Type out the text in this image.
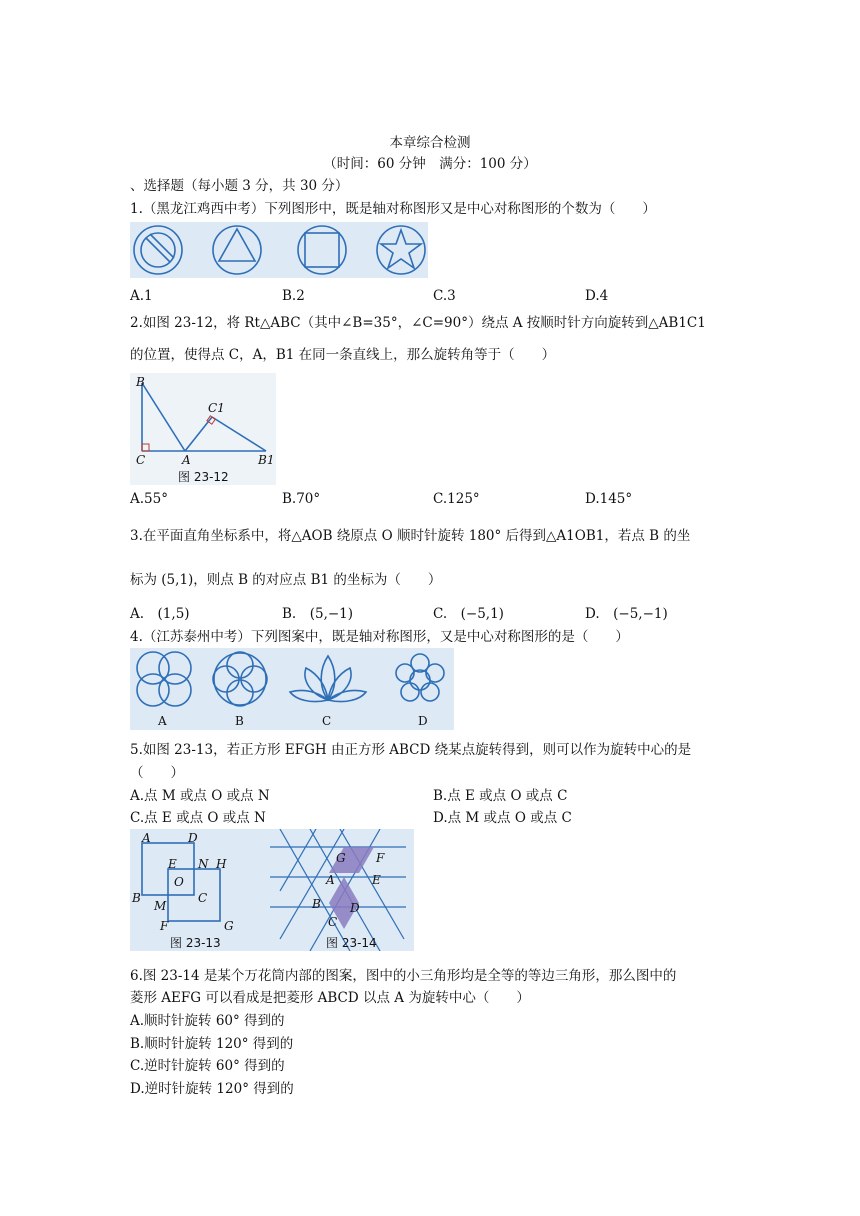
本章综合检测
（时间：60 分钟　满分：100 分）
、选择题（每小题 3 分，共 30 分）
1.（黑龙江鸡西中考）下列图形中，既是轴对称图形又是中心对称图形的个数为（　　）
A.1	B.2	C.3	D.4
2.如图 23-12，将 Rt△ABC（其中∠B=35°，∠C=90°）绕点 A 按顺时针方向旋转到△AB1C1
的位置，使得点 C，A，B1 在同一条直线上，那么旋转角等于（　　）
B
C1
C	A	B1
图 23-12
A.55°	B.70°	C.125°	D.145°
3.在平面直角坐标系中，将△AOB 绕原点 O 顺时针旋转 180° 后得到△A1OB1，若点 B 的坐
标为 (5,1)，则点 B 的对应点 B1 的坐标为（　　）
A.　(1,5)	B.　(5,−1)	C.　(−5,1)	D.　(−5,−1)
4.（江苏泰州中考）下列图案中，既是轴对称图形，又是中心对称图形的是（　　）
A	B	C	D
5.如图 23-13，若正方形 EFGH 由正方形 ABCD 绕某点旋转得到，则可以作为旋转中心的是
（　　）
A.点 M 或点 O 或点 N	B.点 E 或点 O 或点 C
C.点 E 或点 O 或点 N	D.点 M 或点 O 或点 C
A	D
E N H
O
B
M
C
F	G
图 23-13
G	F
A	E
B D
C
图 23-14
6.图 23-14 是某个万花筒内部的图案，图中的小三角形均是全等的等边三角形，那么图中的
菱形 AEFG 可以看成是把菱形 ABCD 以点 A 为旋转中心（　　）
A.顺时针旋转 60° 得到的
B.顺时针旋转 120° 得到的
C.逆时针旋转 60° 得到的
D.逆时针旋转 120° 得到的
